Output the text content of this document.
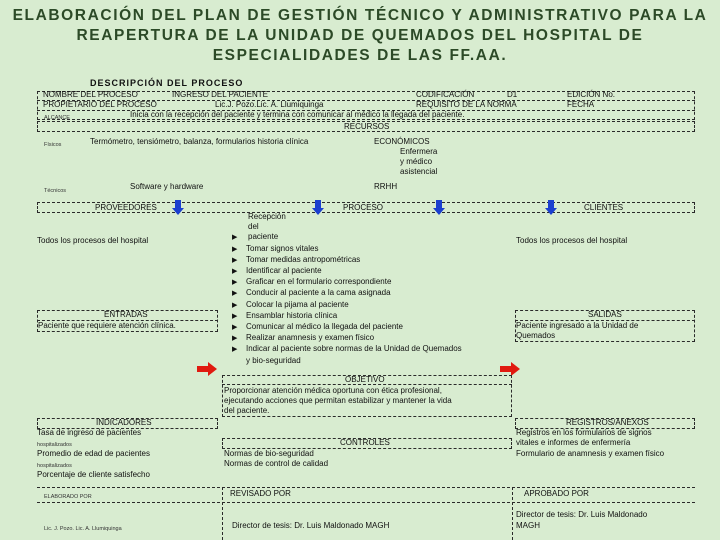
ELABORACIÓN DEL PLAN DE GESTIÓN TÉCNICO Y ADMINISTRATIVO PARA LA
REAPERTURA DE LA UNIDAD DE QUEMADOS DEL HOSPITAL DE
ESPECIALIDADES DE LAS FF.AA.
DESCRIPCIÓN DEL PROCESO
NOMBRE DEL PROCESO	INGRESO DEL PACIENTE	CODIFICACIÓN	D1	EDICIÓN No.
PROPIETARIO DEL PROCESO	Lic.J. Pozo.Lic. A. Llumiquinga	REQUISITO DE LA NORMA	FECHA
ALCANCE	Inicia con la recepción del paciente y termina con comunicar al médico la llegada del paciente.
RECURSOS
Físicos	Termómetro, tensiómetro, balanza, formularios historia clínica	ECONÓMICOS
Enfermera
y médico
asistencial
Técnicos	Software y hardware	RRHH
PROVEEDORES	PROCESO	CLIENTES
Todos los procesos del hospital	Todos los procesos del hospital
ENTRADAS
Paciente que requiere atención clínica.
SALIDAS
Paciente ingresado a la Unidad de
Quemados
Recepción
del
▶ paciente
▶ Tomar signos vitales
▶ Tomar medidas antropométricas
▶ Identificar al paciente
▶ Graficar en el formulario correspondiente
▶ Conducir al paciente a la cama asignada
▶ Colocar la pijama al paciente
▶ Ensamblar historia clínica
▶ Comunicar al médico la llegada del paciente
▶ Realizar anamnesis y examen físico
▶ Indicar al paciente sobre normas de la Unidad de Quemados
y bio-seguridad
OBJETIVO
Proporcionar atención médica oportuna con ética profesional,
ejecutando acciones que permitan estabilizar y mantener la vida
del paciente.
INDICADORES
Tasa de ingreso de pacientes
hospitalizados
Promedio de edad de pacientes
hospitalizados
Porcentaje de cliente satisfecho
CONTROLES
Normas de bio-seguridad
Normas de control de calidad
REGISTROS/ANEXOS
Registros en los formularios de signos
vitales e informes de enfermería
Formulario de anamnesis y examen físico
ELABORADO POR	REVISADO POR	APROBADO POR
Lic. J. Pozo. Lic. A. Llumiquinga	Director de tesis: Dr. Luis Maldonado MAGH
Director de tesis: Dr. Luis Maldonado
MAGH
